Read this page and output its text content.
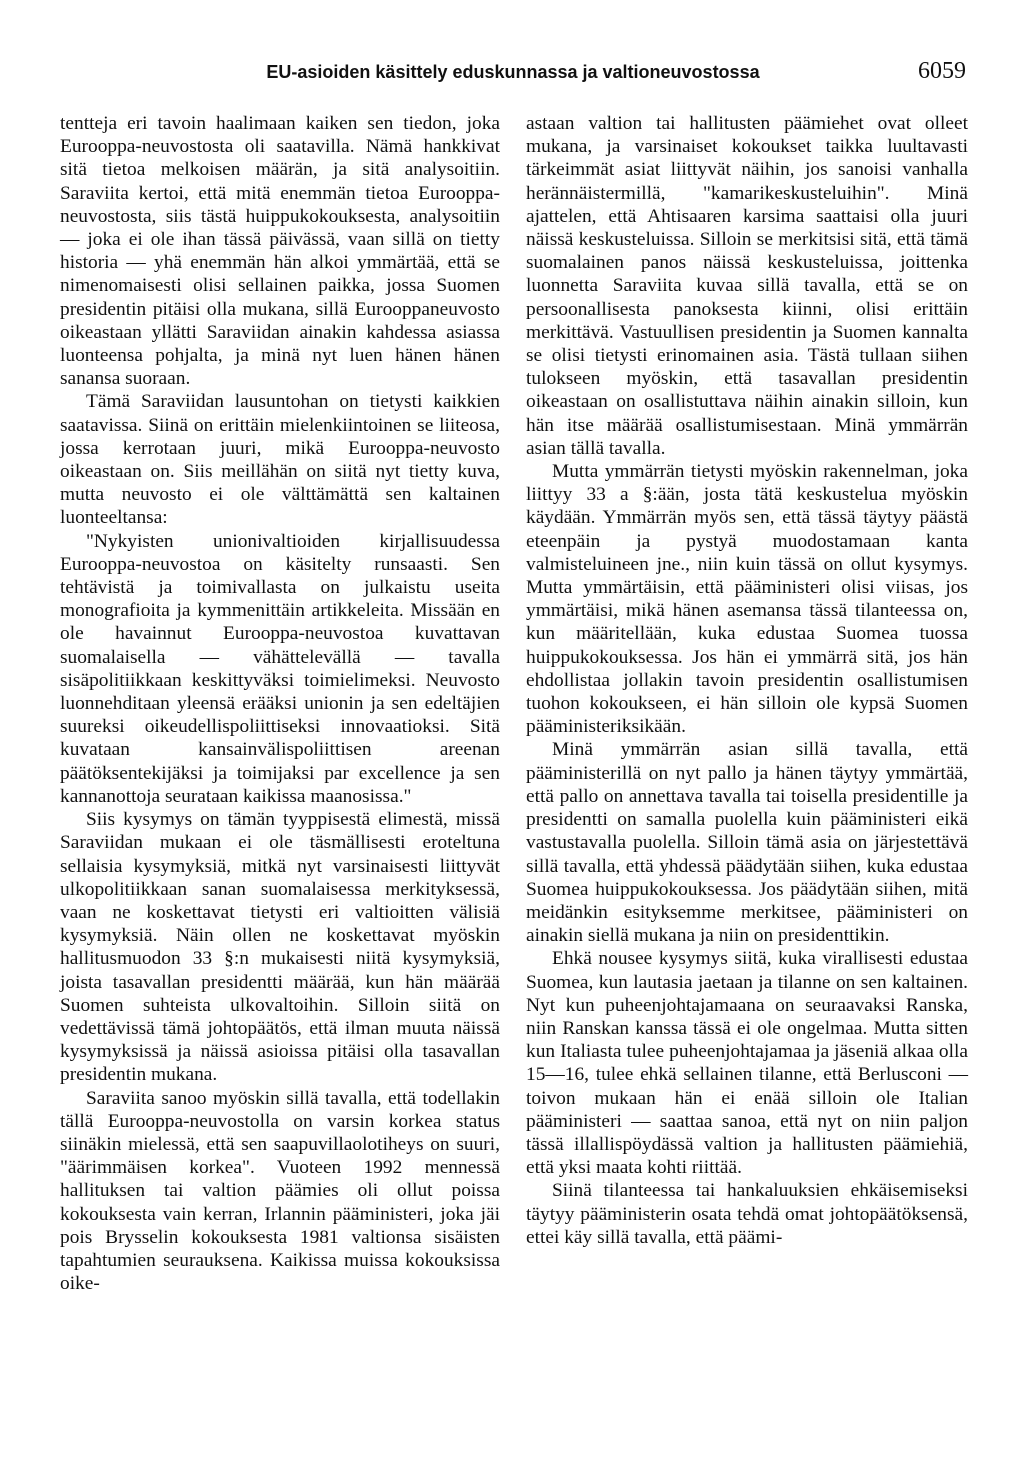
EU-asioiden käsittely eduskunnassa ja valtioneuvostossa	6059

tentteja eri tavoin haalimaan kaiken sen tiedon, joka Eurooppa-neuvostosta oli saatavilla. Nämä hankkivat sitä tietoa melkoisen määrän, ja sitä analysoitiin. Saraviita kertoi, että mitä enemmän tietoa Eurooppa-neuvostosta, siis tästä huippukokouksesta, analysoitiin — joka ei ole ihan tässä päivässä, vaan sillä on tietty historia — yhä enemmän hän alkoi ymmärtää, että se nimenomaisesti olisi sellainen paikka, jossa Suomen presidentin pitäisi olla mukana, sillä Eurooppaneuvosto oikeastaan yllätti Saraviidan ainakin kahdessa asiassa luonteensa pohjalta, ja minä nyt luen hänen hänen sanansa suoraan.

Tämä Saraviidan lausuntohan on tietysti kaikkien saatavissa. Siinä on erittäin mielenkiintoinen se liiteosa, jossa kerrotaan juuri, mikä Eurooppa-neuvosto oikeastaan on. Siis meillähän on siitä nyt tietty kuva, mutta neuvosto ei ole välttämättä sen kaltainen luonteeltansa:

"Nykyisten unionivaltioiden kirjallisuudessa Eurooppa-neuvostoa on käsitelty runsaasti. Sen tehtävistä ja toimivallasta on julkaistu useita monografioita ja kymmenittäin artikkeleita. Missään en ole havainnut Eurooppa-neuvostoa kuvattavan suomalaisella — vähättelevällä — tavalla sisäpolitiikkaan keskittyväksi toimielimeksi. Neuvosto luonnehditaan yleensä erääksi unionin ja sen edeltäjien suureksi oikeudellispoliittiseksi innovaatioksi. Sitä kuvataan kansainvälispoliittisen areenan päätöksentekijäksi ja toimijaksi par excellence ja sen kannanottoja seurataan kaikissa maanosissa."

Siis kysymys on tämän tyyppisestä elimestä, missä Saraviidan mukaan ei ole täsmällisesti eroteltuna sellaisia kysymyksiä, mitkä nyt varsinaisesti liittyvät ulkopolitiikkaan sanan suomalaisessa merkityksessä, vaan ne koskettavat tietysti eri valtioitten välisiä kysymyksiä. Näin ollen ne koskettavat myöskin hallitusmuodon 33 §:n mukaisesti niitä kysymyksiä, joista tasavallan presidentti määrää, kun hän määrää Suomen suhteista ulkovaltoihin. Silloin siitä on vedettävissä tämä johtopäätös, että ilman muuta näissä kysymyksissä ja näissä asioissa pitäisi olla tasavallan presidentin mukana.

Saraviita sanoo myöskin sillä tavalla, että todellakin tällä Eurooppa-neuvostolla on varsin korkea status siinäkin mielessä, että sen saapuvillaolotiheys on suuri, "äärimmäisen korkea". Vuoteen 1992 mennessä hallituksen tai valtion päämies oli ollut poissa kokouksesta vain kerran, Irlannin pääministeri, joka jäi pois Brysselin kokouksesta 1981 valtionsa sisäisten tapahtumien seurauksena. Kaikissa muissa kokouksissa oike-

astaan valtion tai hallitusten päämiehet ovat olleet mukana, ja varsinaiset kokoukset taikka luultavasti tärkeimmät asiat liittyvät näihin, jos sanoisi vanhalla herännäistermillä, "kamarikeskusteluihin". Minä ajattelen, että Ahtisaaren karsima saattaisi olla juuri näissä keskusteluissa. Silloin se merkitsisi sitä, että tämä suomalainen panos näissä keskusteluissa, joittenka luonnetta Saraviita kuvaa sillä tavalla, että se on persoonallisesta panoksesta kiinni, olisi erittäin merkittävä. Vastuullisen presidentin ja Suomen kannalta se olisi tietysti erinomainen asia. Tästä tullaan siihen tulokseen myöskin, että tasavallan presidentin oikeastaan on osallistuttava näihin ainakin silloin, kun hän itse määrää osallistumisestaan. Minä ymmärrän asian tällä tavalla.

Mutta ymmärrän tietysti myöskin rakennelman, joka liittyy 33 a §:ään, josta tätä keskustelua myöskin käydään. Ymmärrän myös sen, että tässä täytyy päästä eteenpäin ja pystyä muodostamaan kanta valmisteluineen jne., niin kuin tässä on ollut kysymys. Mutta ymmärtäisin, että pääministeri olisi viisas, jos ymmärtäisi, mikä hänen asemansa tässä tilanteessa on, kun määritellään, kuka edustaa Suomea tuossa huippukokouksessa. Jos hän ei ymmärrä sitä, jos hän ehdollistaa jollakin tavoin presidentin osallistumisen tuohon kokoukseen, ei hän silloin ole kypsä Suomen pääministeriksikään.

Minä ymmärrän asian sillä tavalla, että pääministerillä on nyt pallo ja hänen täytyy ymmärtää, että pallo on annettava tavalla tai toisella presidentille ja presidentti on samalla puolella kuin pääministeri eikä vastustavalla puolella. Silloin tämä asia on järjestettävä sillä tavalla, että yhdessä päädytään siihen, kuka edustaa Suomea huippukokouksessa. Jos päädytään siihen, mitä meidänkin esityksemme merkitsee, pääministeri on ainakin siellä mukana ja niin on presidenttikin.

Ehkä nousee kysymys siitä, kuka virallisesti edustaa Suomea, kun lautasia jaetaan ja tilanne on sen kaltainen. Nyt kun puheenjohtajamaana on seuraavaksi Ranska, niin Ranskan kanssa tässä ei ole ongelmaa. Mutta sitten kun Italiasta tulee puheenjohtajamaa ja jäseniä alkaa olla 15—16, tulee ehkä sellainen tilanne, että Berlusconi — toivon mukaan hän ei enää silloin ole Italian pääministeri — saattaa sanoa, että nyt on niin paljon tässä illallispöydässä valtion ja hallitusten päämiehiä, että yksi maata kohti riittää.

Siinä tilanteessa tai hankaluuksien ehkäisemiseksi täytyy pääministerin osata tehdä omat johtopäätöksensä, ettei käy sillä tavalla, että päämi-
